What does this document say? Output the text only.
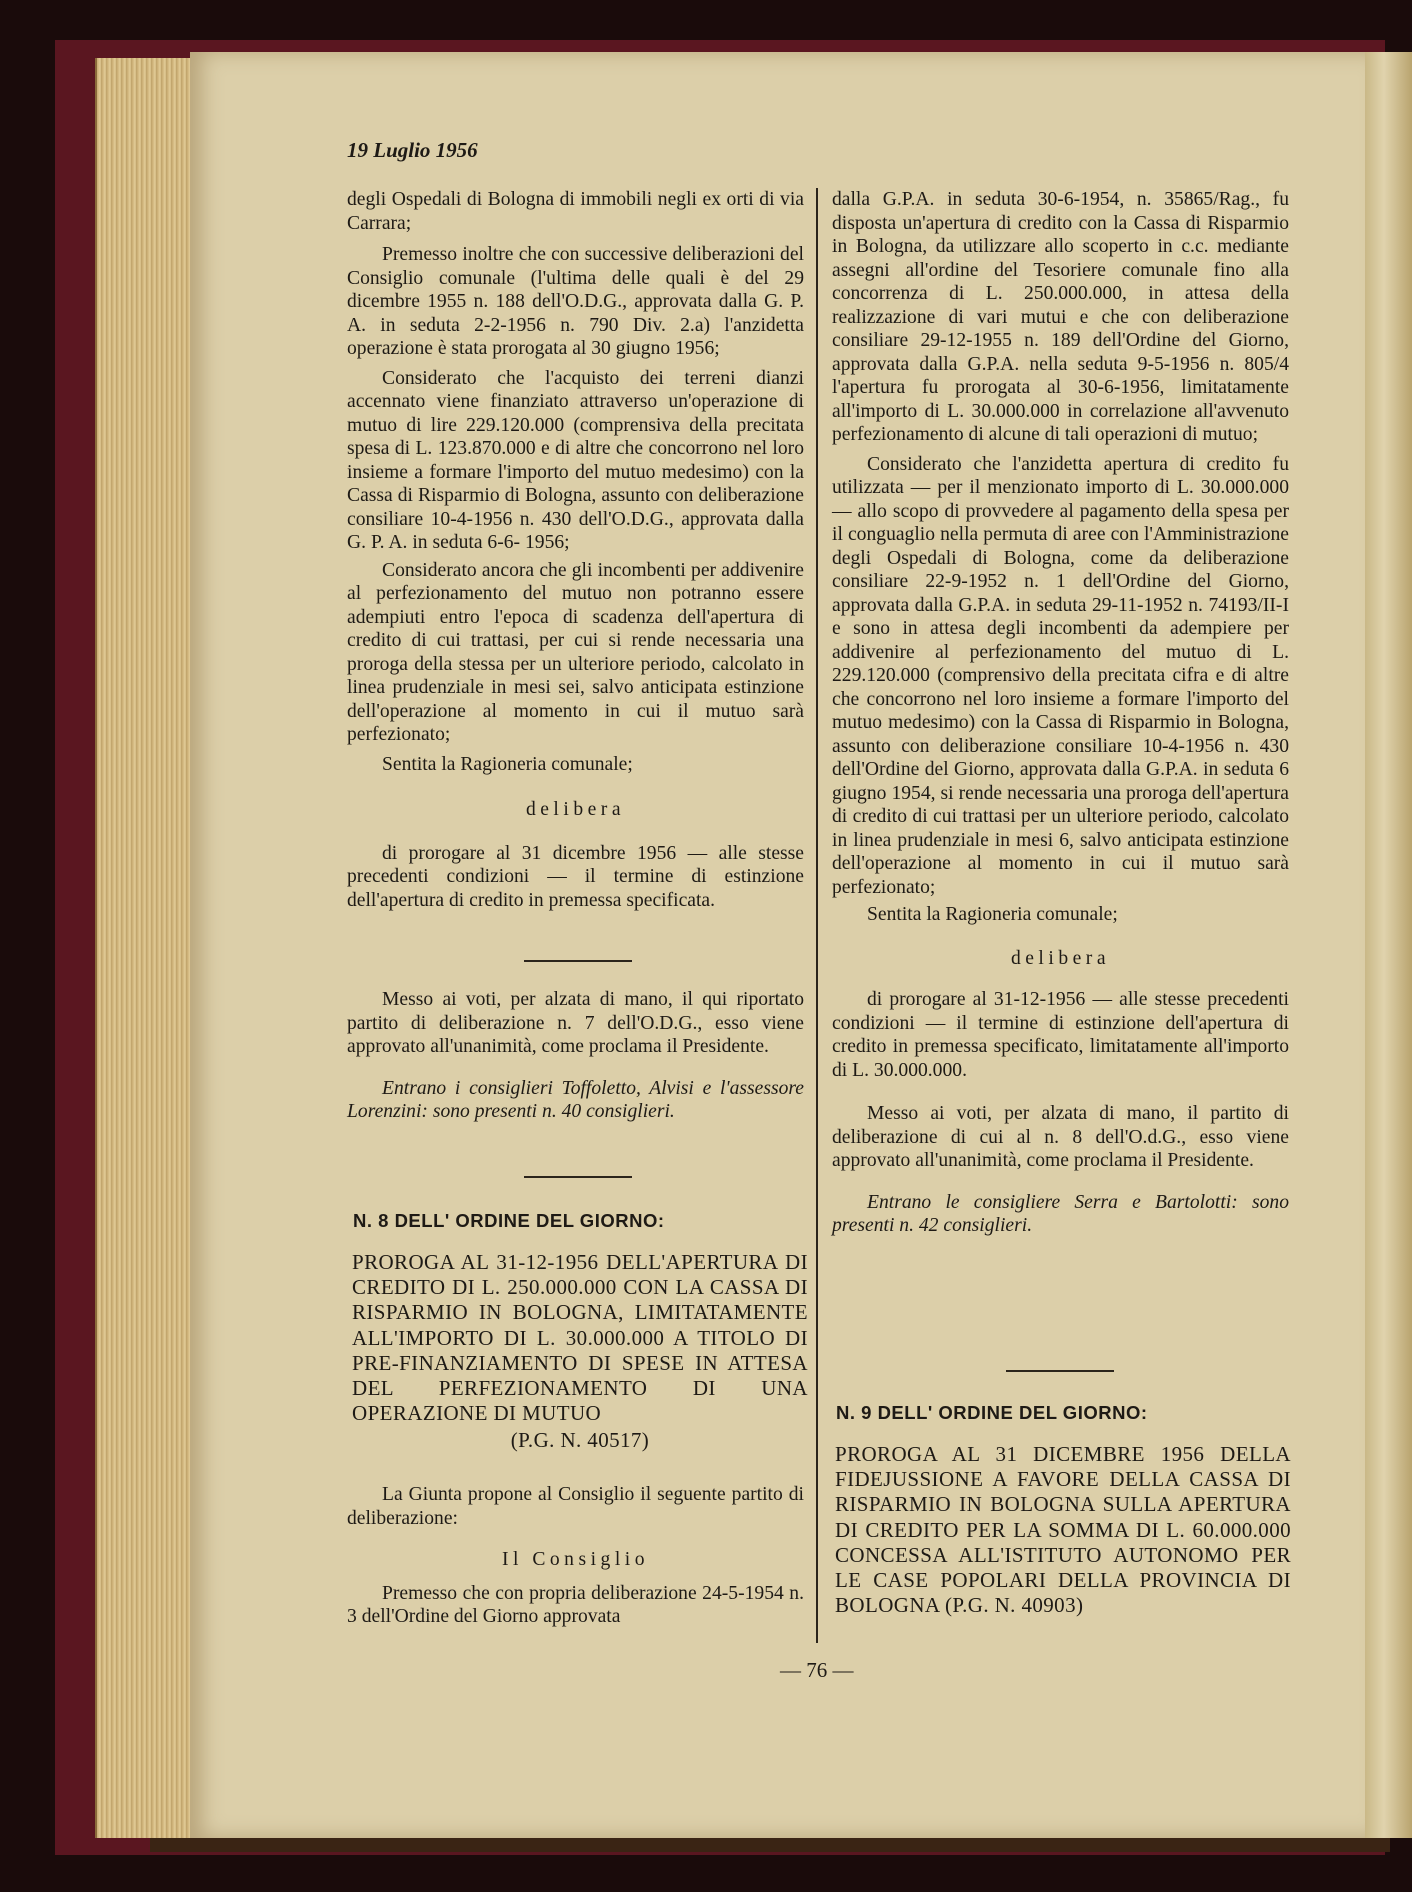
19 Luglio 1956

degli Ospedali di Bologna di immobili negli ex orti di via Carrara;

Premesso inoltre che con successive deliberazioni del Consiglio comunale (l'ultima delle quali è del 29 dicembre 1955 n. 188 dell'O.D.G., approvata dalla G. P. A. in seduta 2-2-1956 n. 790 Div. 2.a) l'anzidetta operazione è stata prorogata al 30 giugno 1956;

Considerato che l'acquisto dei terreni dianzi accennato viene finanziato attraverso un'operazione di mutuo di lire 229.120.000 (comprensiva della precitata spesa di L. 123.870.000 e di altre che concorrono nel loro insieme a formare l'importo del mutuo medesimo) con la Cassa di Risparmio di Bologna, assunto con deliberazione consiliare 10-4-1956 n. 430 dell'O.D.G., approvata dalla G. P. A. in seduta 6-6- 1956;

Considerato ancora che gli incombenti per addivenire al perfezionamento del mutuo non potranno essere adempiuti entro l'epoca di scadenza dell'apertura di credito di cui trattasi, per cui si rende necessaria una proroga della stessa per un ulteriore periodo, calcolato in linea prudenziale in mesi sei, salvo anticipata estinzione dell'operazione al momento in cui il mutuo sarà perfezionato;

Sentita la Ragioneria comunale;

delibera

di prorogare al 31 dicembre 1956 — alle stesse precedenti condizioni — il termine di estinzione dell'apertura di credito in premessa specificata.

Messo ai voti, per alzata di mano, il qui riportato partito di deliberazione n. 7 dell'O.D.G., esso viene approvato all'unanimità, come proclama il Presidente.

Entrano i consiglieri Toffoletto, Alvisi e l'assessore Lorenzini: sono presenti n. 40 consiglieri.

N. 8 DELL' ORDINE DEL GIORNO:
PROROGA AL 31-12-1956 DELL'APERTURA DI CREDITO DI L. 250.000.000 CON LA CASSA DI RISPARMIO IN BOLOGNA, LIMITATAMENTE ALL'IMPORTO DI L. 30.000.000 A TITOLO DI PRE-FINANZIAMENTO DI SPESE IN ATTESA DEL PERFEZIONAMENTO DI UNA OPERAZIONE DI MUTUO
(P.G. N. 40517)

La Giunta propone al Consiglio il seguente partito di deliberazione:

Il Consiglio

Premesso che con propria deliberazione 24-5-1954 n. 3 dell'Ordine del Giorno approvata

dalla G.P.A. in seduta 30-6-1954, n. 35865/Rag., fu disposta un'apertura di credito con la Cassa di Risparmio in Bologna, da utilizzare allo scoperto in c.c. mediante assegni all'ordine del Tesoriere comunale fino alla concorrenza di L. 250.000.000, in attesa della realizzazione di vari mutui e che con deliberazione consiliare 29-12-1955 n. 189 dell'Ordine del Giorno, approvata dalla G.P.A. nella seduta 9-5-1956 n. 805/4 l'apertura fu prorogata al 30-6-1956, limitatamente all'importo di L. 30.000.000 in correlazione all'avvenuto perfezionamento di alcune di tali operazioni di mutuo;

Considerato che l'anzidetta apertura di credito fu utilizzata — per il menzionato importo di L. 30.000.000 — allo scopo di provvedere al pagamento della spesa per il conguaglio nella permuta di aree con l'Amministrazione degli Ospedali di Bologna, come da deliberazione consiliare 22-9-1952 n. 1 dell'Ordine del Giorno, approvata dalla G.P.A. in seduta 29-11-1952 n. 74193/II-I e sono in attesa degli incombenti da adempiere per addivenire al perfezionamento del mutuo di L. 229.120.000 (comprensivo della precitata cifra e di altre che concorrono nel loro insieme a formare l'importo del mutuo medesimo) con la Cassa di Risparmio in Bologna, assunto con deliberazione consiliare 10-4-1956 n. 430 dell'Ordine del Giorno, approvata dalla G.P.A. in seduta 6 giugno 1954, si rende necessaria una proroga dell'apertura di credito di cui trattasi per un ulteriore periodo, calcolato in linea prudenziale in mesi 6, salvo anticipata estinzione dell'operazione al momento in cui il mutuo sarà perfezionato;

Sentita la Ragioneria comunale;

delibera

di prorogare al 31-12-1956 — alle stesse precedenti condizioni — il termine di estinzione dell'apertura di credito in premessa specificato, limitatamente all'importo di L. 30.000.000.

Messo ai voti, per alzata di mano, il partito di deliberazione di cui al n. 8 dell'O.d.G., esso viene approvato all'unanimità, come proclama il Presidente.

Entrano le consigliere Serra e Bartolotti: sono presenti n. 42 consiglieri.

N. 9 DELL' ORDINE DEL GIORNO:
PROROGA AL 31 DICEMBRE 1956 DELLA FIDEJUSSIONE A FAVORE DELLA CASSA DI RISPARMIO IN BOLOGNA SULLA APERTURA DI CREDITO PER LA SOMMA DI L. 60.000.000 CONCESSA ALL'ISTITUTO AUTONOMO PER LE CASE POPOLARI DELLA PROVINCIA DI BOLOGNA (P.G. N. 40903)
— 76 —
